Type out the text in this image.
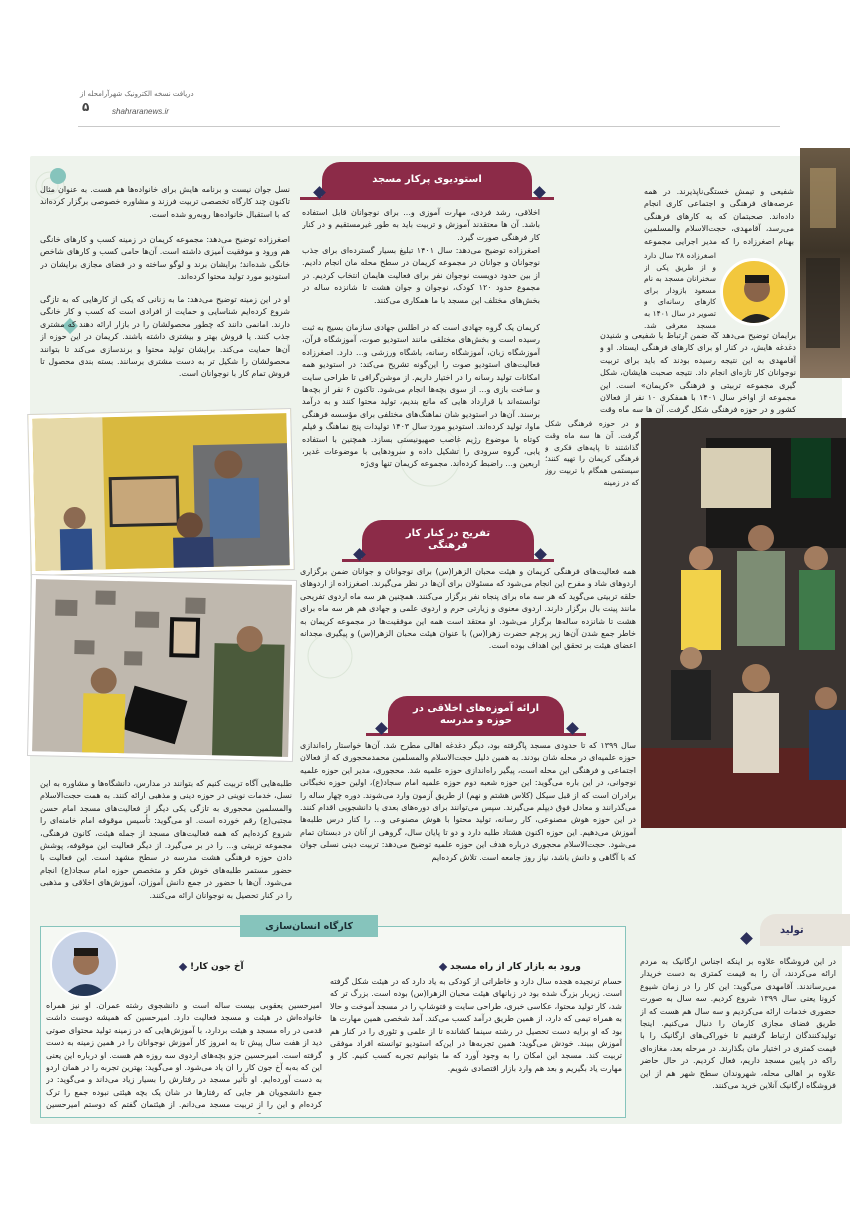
دریافت نسخه الکترونیک شهرآرامحله از
۵	shahraranews.ir

شفیعی و تیمش خستگی‌ناپذیرند. در همه عرصه‌های فرهنگی و اجتماعی کاری انجام داده‌اند. صحبتمان که به کارهای فرهنگی می‌رسد، آقامهدی، حجت‌الاسلام والمسلمین بهنام اصغرزاده را که مدیر اجرایی مجموعه

اصغرزاده ۲۸ سال دارد و از طریق یکی از سخنرانان مسجد به نام مسعود بازودار برای کارهای رسانه‌ای و تصویر در سال ۱۴۰۱ به مسجد معرفی شد.

برایمان توضیح می‌دهد که ضمن ارتباط با شفیعی و شنیدن دغدغه هایش، در کنار او برای کارهای فرهنگی ایستاد. او و آقامهدی به این نتیجه رسیده بودند که باید برای تربیت نوجوانان کار تازه‌ای انجام داد. نتیجه صحبت هایشان، شکل گیری مجموعه تربیتی و فرهنگی «کریمان» است. این مجموعه از اواخر سال ۱۴۰۱ با همفکری ۱۰ نفر از فعالان کشور و در حوزه فرهنگی شکل گرفت. آن ها سه ماه وقت

و در حوزه فرهنگی شکل گرفت. آن ها سه ماه وقت گذاشتند تا پایه‌های فکری و فرهنگی کریمان را تهیه کنند؛ سیستمی همگام با تربیت روز که در زمینه

استودیوی پرکار مسجد

اخلاقی، رشد فردی، مهارت آموزی و... برای نوجوانان قابل استفاده باشد. آن ها معتقدند آموزش و تربیت باید به طور غیرمستقیم و در کنار کار فرهنگی صورت گیرد.

اصغرزاده توضیح می‌دهد: سال ۱۴۰۱ تبلیغ بسیار گسترده‌ای برای جذب نوجوانان و جوانان در مجموعه کریمان در سطح محله مان انجام دادیم. از بین حدود دویست نوجوان نفر برای فعالیت هایمان انتخاب کردیم. در مجموع حدود ۱۲۰ کودک، نوجوان و جوان هشت تا شانزده ساله در بخش‌های مختلف این مسجد با ما همکاری می‌کنند.

کریمان یک گروه جهادی است که در اطلس جهادی سازمان بسیج به ثبت رسیده است و بخش‌های مختلفی مانند استودیو صوت، آموزشگاه قرآن، آموزشگاه زبان، آموزشگاه رسانه، باشگاه ورزشی و... دارد. اصغرزاده فعالیت‌های استودیو صوت را این‌گونه تشریح می‌کند: در استودیو همه امکانات تولید رسانه را در اختیار داریم. از موشن‌گرافی تا طراحی سایت و ساخت بازی و... از سوی بچه‌ها انجام می‌شود. تاکنون ۶ نفر از بچه‌ها توانسته‌اند با قرارداد هایی که مانع بندیم، تولید محتوا کنند و به درآمد برسند. آن‌ها در استودیو شان نماهنگ‌های مختلفی برای مؤسسه فرهنگی ماوا، تولید کرده‌اند. استودیو مورد سال ۱۴۰۳ تولیدات پنج نماهنگ و فیلم کوتاه با موضوع رژیم غاصب صهیونیستی بسازد. همچنین با استفاده یابی، گروه سرودی را تشکیل داده و سرودهایی با موضوعات غدیر، اربعین و... راضبط کرده‌اند. مجموعه کریمان تنها وی‌ژه

نسل جوان نیست و برنامه هایش برای خانواده‌ها هم هست. به عنوان مثال تاکنون چند کارگاه تخصصی تربیت فرزند و مشاوره خصوصی برگزار کرده‌اند که با استقبال خانواده‌ها روبه‌رو شده است.

اصغرزاده توضیح می‌دهد: مجموعه کریمان در زمینه کسب و کارهای خانگی هم ورود و موفقیت آمیزی داشته است. آن‌ها حامی کسب و کارهای شاخص خانگی شده‌اند؛ برایشان برند و لوگو ساخته و در فضای مجازی برایشان در استودیو مورد تولید محتوا کرده‌اند.

او در این زمینه توضیح می‌دهد: ما به زنانی که یکی از کارهایی که به تازگی شروع کرده‌ایم شناسایی و حمایت از افرادی است که کسب و کار خانگی دارند. امانمی دانند که چطور محصولشان را در بازار ارائه دهند که مشتری جذب کنند. یا فروش بهتر و بیشتری داشته باشند. کریمان در این حوزه از آن‌ها حمایت می‌کند. برایشان تولید محتوا و برندسازی می‌کند تا بتوانند محصولشان را شکیل تر به دست مشتری برسانند. بسته بندی محصول تا فروش تمام کار با نوجوانان است.

تفریح در کنار کار فرهنگی

همه فعالیت‌های فرهنگی کریمان و هیئت محبان الزهرا(س) برای نوجوانان و جوانان ضمن برگزاری اردوهای شاد و مفرح این انجام می‌شود که مسئولان برای آن‌ها در نظر می‌گیرند. اصغرزاده از اردوهای حلقه تربیتی می‌گوید که هر سه ماه برای پنجاه نفر برگزار می‌کنند. همچنین هر سه ماه اردوی تفریحی مانند پینت بال برگزار دارند. اردوی معنوی و زیارتی حرم و اردوی علمی و جهادی هم هر سه ماه برای هشت تا شانزده ساله‌ها برگزار می‌شود. او معتقد است همه این موفقیت‌ها در مجموعه کریمان به خاطر جمع شدن آن‌ها زیر پرچم حضرت زهرا(س) با عنوان هیئت محبان الزهرا(س) و پیگیری مجدانه اعضای هیئت بر تحقق این اهداف بوده است.

ارائه آموزه‌های اخلاقی در حوزه و مدرسه

سال ۱۳۹۹ که تا حدودی مسجد پاگرفته بود، دیگر دغدغه اهالی مطرح شد. آن‌ها خواستار راه‌اندازی حوزه علمیه‌ای در محله شان بودند. به همین دلیل حجت‌الاسلام والمسلمین محمدمحجوری که از فعالان اجتماعی و فرهنگی این محله است، پیگیر راه‌اندازی حوزه علمیه شد. محجوری، مدیر این حوزه علمیه نوجوانی، در این باره می‌گوید: این حوزه شعبه دوم حوزه علمیه امام سجاد(ع)، اولین حوزه نخبگانی برادران است که از قبل سیکل (کلاس هشتم و نهم) از طریق آزمون وارد می‌شوند. دوره چهار ساله را می‌گذرانند و معادل فوق دیپلم می‌گیرند. سپس می‌توانند برای دوره‌های بعدی یا دانشجویی اقدام کنند. در این حوزه هوش مصنوعی، کار رسانه، تولید محتوا با هوش مصنوعی و... را کنار درس طلبه‌ها آموزش می‌دهیم. این حوزه اکنون هشتاد طلبه دارد و دو تا پایان سال، گروهی از آنان در دبستان تمام می‌شود. حجت‌الاسلام محجوری درباره هدف این حوزه علمیه توضیح می‌دهد: تربیت دینی نسلی جوان که با آگاهی و دانش باشد، نیاز روز جامعه است. تلاش کرده‌ایم

طلبه‌هایی آگاه تربیت کنیم که بتوانند در مدارس، دانشگاه‌ها و مشاوره به این نسل، خدمات نوینی در حوزه دینی و مذهبی ارائه کنند. به همت حجت‌الاسلام والمسلمین محجوری به تازگی یکی دیگر از فعالیت‌های مسجد امام حسن مجتبی(ع) رقم خورده است. او می‌گوید: تأسیس موقوفه امام خامنه‌ای را شروع کرده‌ایم که همه فعالیت‌های مسجد از جمله هیئت، کانون فرهنگی، مجموعه تربیتی و... را در بر می‌گیرد. از دیگر فعالیت این موقوفه، پوشش دادن حوزه فرهنگی هشت مدرسه در سطح مشهد است. این فعالیت با حضور مستمر طلبه‌های خوش فکر و متخصص حوزه امام سجاد(ع) انجام می‌شود. آن‌ها با حضور در جمع دانش آموزان، آموزش‌های اخلاقی و مذهبی را در کنار تحصیل به نوجوانان ارائه می‌کنند.

کارگاه انسان‌سازی
ورود به بازار کار از راه مسجد

حسام ترنجیده هجده سال دارد و خاطراتی از کودکی به یاد دارد که در هیئت شکل گرفته است. زیربار بزرگ شده بود در زبانهای هیئت محبان الزهرا(س) بوده است. بزرگ تر که شد، کار تولید محتوا، عکاسی خبری، طراحی سایت و فتوشاپ را در مسجد آموخت و حالا به همراه تیمی که دارد، از همین طریق درآمد کسب می‌کند. آمد شخصی همین مهارت ها بود که او برایه دست تحصیل در رشته سینما کشانده تا از علمی و تئوری را در کنار هم آموزش ببیند. خودش می‌گوید: همین تجربه‌ها در این‌که استودیو توانسته افراد موفقی تربیت کند. مسجد این امکان را به وجود آورد که ما بتوانیم تجربه کسب کنیم. کار و مهارت یاد بگیریم و بعد هم وارد بازار اقتصادی شویم.

آخ جون کار!

امیرحسین یعقوبی بیست ساله است و دانشجوی رشته عمران. او نیز همراه خانواده‌اش در هیئت و مسجد فعالیت دارد. امیرحسین که همیشه دوست داشت قدمی در راه مسجد و هیئت بردارد، با آموزش‌هایی که در زمینه تولید محتوای صوتی دید از هفت سال پیش تا به امروز کار آموزش نوجوانان را در همین زمینه به دست گرفته است. امیرحسین جزو بچه‌های اردوی سه روزه هم هست. او درباره این یعنی این که به‌به آخ جون کار را ان یاد می‌شود. او می‌گوید: بهترین تجربه را در همان اردو به دست آورده‌ایم. او تأثیر مسجد در رفتارش را بسیار زیاد می‌داند و می‌گوید: در جمع دانشجویان هر جایی که رفتارها در شان یک بچه هیئتی نبوده جمع را ترک کرده‌ام و این را از تربیت مسجد می‌دانم. از هیئتمان گفتم که دوستم امیرحسین

تولید

در این فروشگاه علاوه بر اینکه اجناس ارگانیک به مردم ارائه می‌کردند، آن را به قیمت کمتری به دست خریدار می‌رساندند. آقامهدی می‌گوید: این کار را در زمان شیوع کرونا یعنی سال ۱۳۹۹ شروع کردیم. سه سال به صورت حضوری خدمات ارائه می‌کردیم و سه سال هم هست که از طریق فضای مجازی کارمان را دنبال می‌کنیم. اینجا تولیدکنندگان ارتباط گرفتیم تا خوراکی‌های ارگانیک را با قیمت کمتری در اختیار مان بگذارند. در مرحله بعد، مغازه‌ای راکه در پایین مسجد داریم، فعال کردیم. در حال حاضر علاوه بر اهالی محله، شهروندان سطح شهر هم از این فروشگاه ارگانیک آنلاین خرید می‌کنند.
